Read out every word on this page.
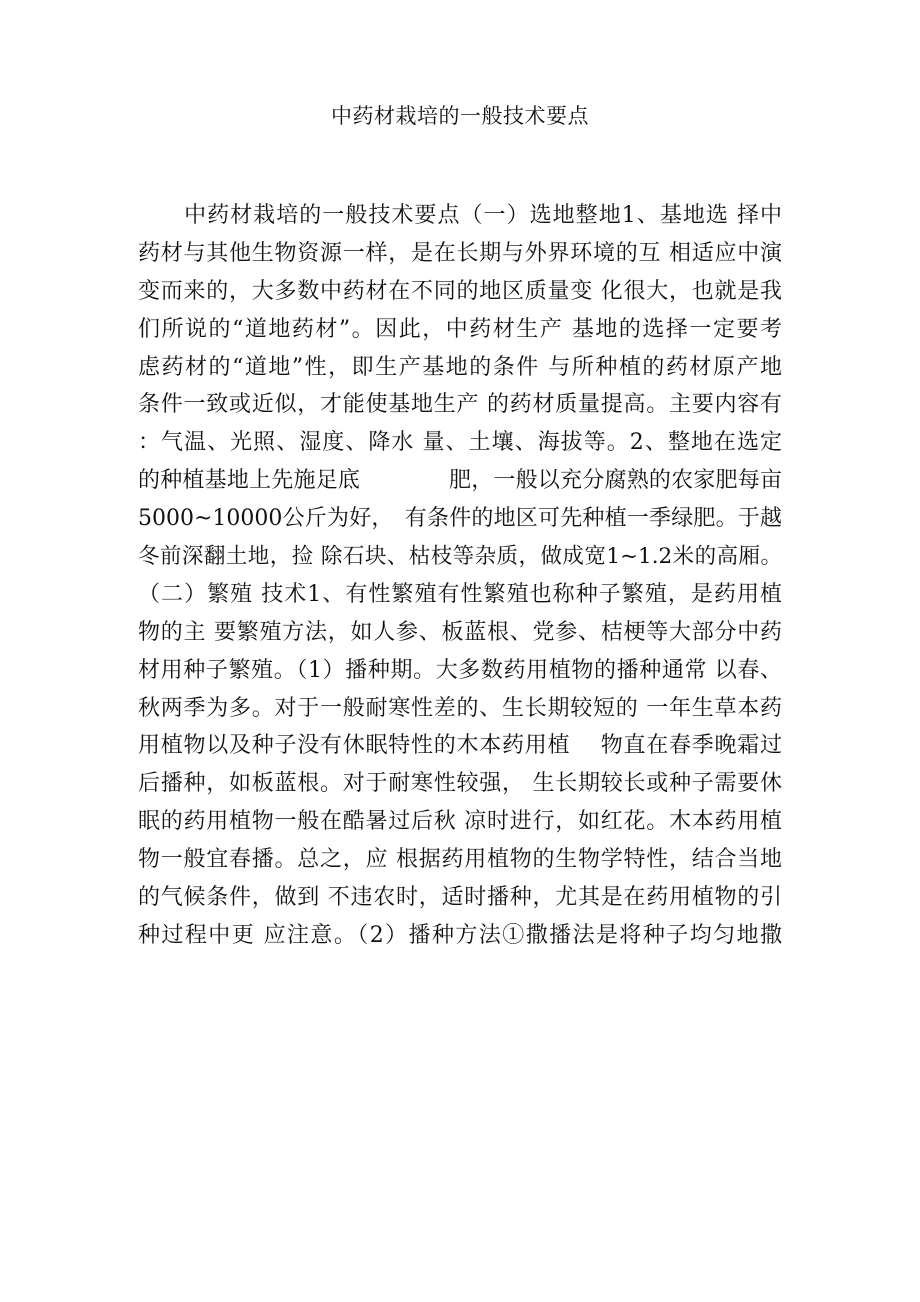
中药材栽培的一般技术要点
　　中药材栽培的一般技术要点（一）选地整地1、基地选 择中
药材与其他生物资源一样，是在长期与外界环境的互 相适应中演
变而来的，大多数中药材在不同的地区质量变 化很大，也就是我
们所说的“道地药材”。因此，中药材生产 基地的选择一定要考
虑药材的“道地”性，即生产基地的条件 与所种植的药材原产地
条件一致或近似，才能使基地生产 的药材质量提高。主要内容有
：气温、光照、湿度、降水 量、土壤、海拔等。2、整地在选定
的种植基地上先施足底　　　　肥，一般以充分腐熟的农家肥每亩
5000~10000公斤为好，　有条件的地区可先种植一季绿肥。于越
冬前深翻土地，捡 除石块、枯枝等杂质，做成宽1~1.2米的高厢。
（二）繁殖 技术1、有性繁殖有性繁殖也称种子繁殖，是药用植
物的主 要繁殖方法，如人参、板蓝根、党参、桔梗等大部分中药
材用种子繁殖。（1）播种期。大多数药用植物的播种通常 以春、
秋两季为多。对于一般耐寒性差的、生长期较短的 一年生草本药
用植物以及种子没有休眠特性的木本药用植　 物直在春季晚霜过
后播种，如板蓝根。对于耐寒性较强， 生长期较长或种子需要休
眠的药用植物一般在酷暑过后秋 凉时进行，如红花。木本药用植
物一般宜春播。总之，应 根据药用植物的生物学特性，结合当地
的气候条件，做到 不违农时，适时播种，尤其是在药用植物的引
种过程中更 应注意。（2）播种方法①撒播法是将种子均匀地撒
